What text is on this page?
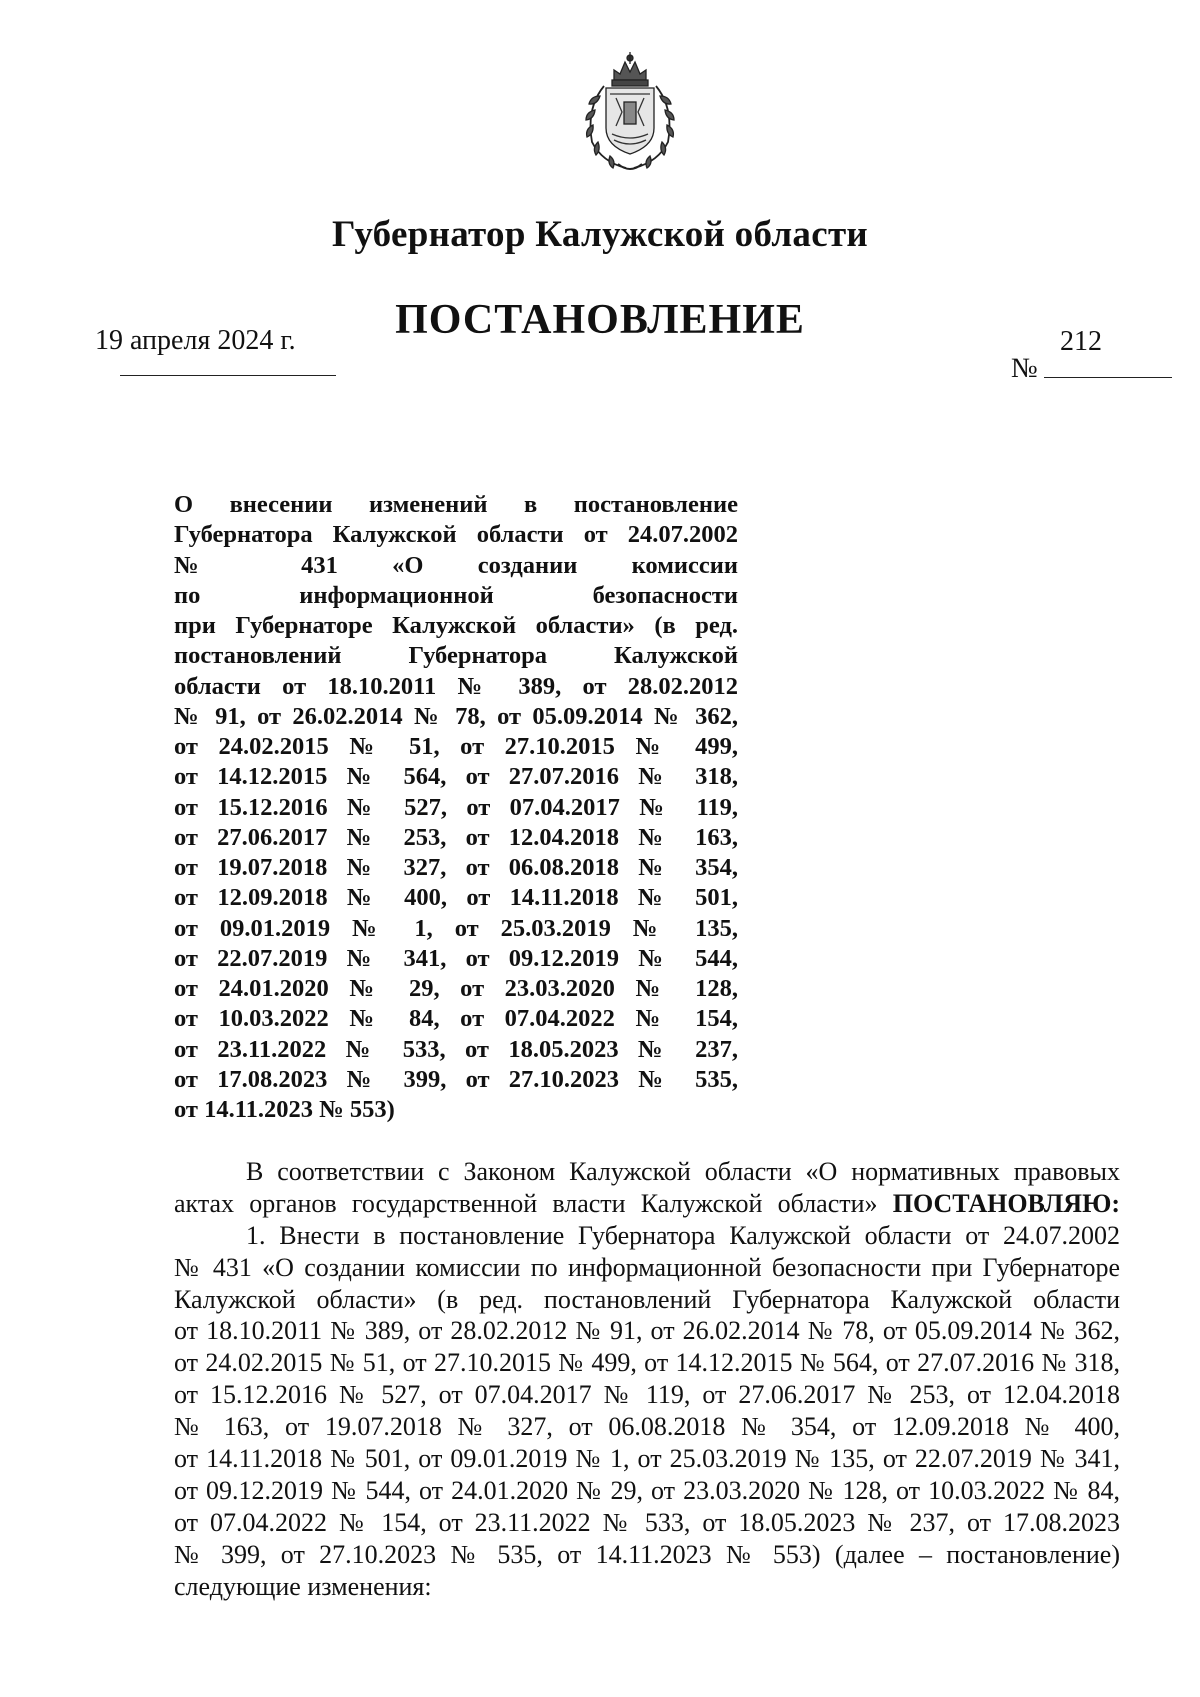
Губернатор Калужской области
ПОСТАНОВЛЕНИЕ
19 апреля 2024 г.	212
№
О внесении изменений в постановление
Губернатора Калужской области от 24.07.2002
№ 431 «О создании комиссии
по информационной безопасности
при Губернаторе Калужской области» (в ред.
постановлений Губернатора Калужской
области от 18.10.2011 № 389, от 28.02.2012
№ 91, от 26.02.2014 № 78, от 05.09.2014 № 362,
от 24.02.2015 № 51, от 27.10.2015 № 499,
от 14.12.2015 № 564, от 27.07.2016 № 318,
от 15.12.2016 № 527, от 07.04.2017 № 119,
от 27.06.2017 № 253, от 12.04.2018 № 163,
от 19.07.2018 № 327, от 06.08.2018 № 354,
от 12.09.2018 № 400, от 14.11.2018 № 501,
от 09.01.2019 № 1, от 25.03.2019 № 135,
от 22.07.2019 № 341, от 09.12.2019 № 544,
от 24.01.2020 № 29, от 23.03.2020 № 128,
от 10.03.2022 № 84, от 07.04.2022 № 154,
от 23.11.2022 № 533, от 18.05.2023 № 237,
от 17.08.2023 № 399, от 27.10.2023 № 535,
от 14.11.2023 № 553)
В соответствии с Законом Калужской области «О нормативных правовых
актах органов государственной власти Калужской области» ПОСТАНОВЛЯЮ:
1. Внести в постановление Губернатора Калужской области от 24.07.2002
№ 431 «О создании комиссии по информационной безопасности при Губернаторе
Калужской области» (в ред. постановлений Губернатора Калужской области
от 18.10.2011 № 389, от 28.02.2012 № 91, от 26.02.2014 № 78, от 05.09.2014 № 362,
от 24.02.2015 № 51, от 27.10.2015 № 499, от 14.12.2015 № 564, от 27.07.2016 № 318,
от 15.12.2016 № 527, от 07.04.2017 № 119, от 27.06.2017 № 253, от 12.04.2018
№ 163, от 19.07.2018 № 327, от 06.08.2018 № 354, от 12.09.2018 № 400,
от 14.11.2018 № 501, от 09.01.2019 № 1, от 25.03.2019 № 135, от 22.07.2019 № 341,
от 09.12.2019 № 544, от 24.01.2020 № 29, от 23.03.2020 № 128, от 10.03.2022 № 84,
от 07.04.2022 № 154, от 23.11.2022 № 533, от 18.05.2023 № 237, от 17.08.2023
№ 399, от 27.10.2023 № 535, от 14.11.2023 № 553) (далее – постановление)
следующие изменения:
